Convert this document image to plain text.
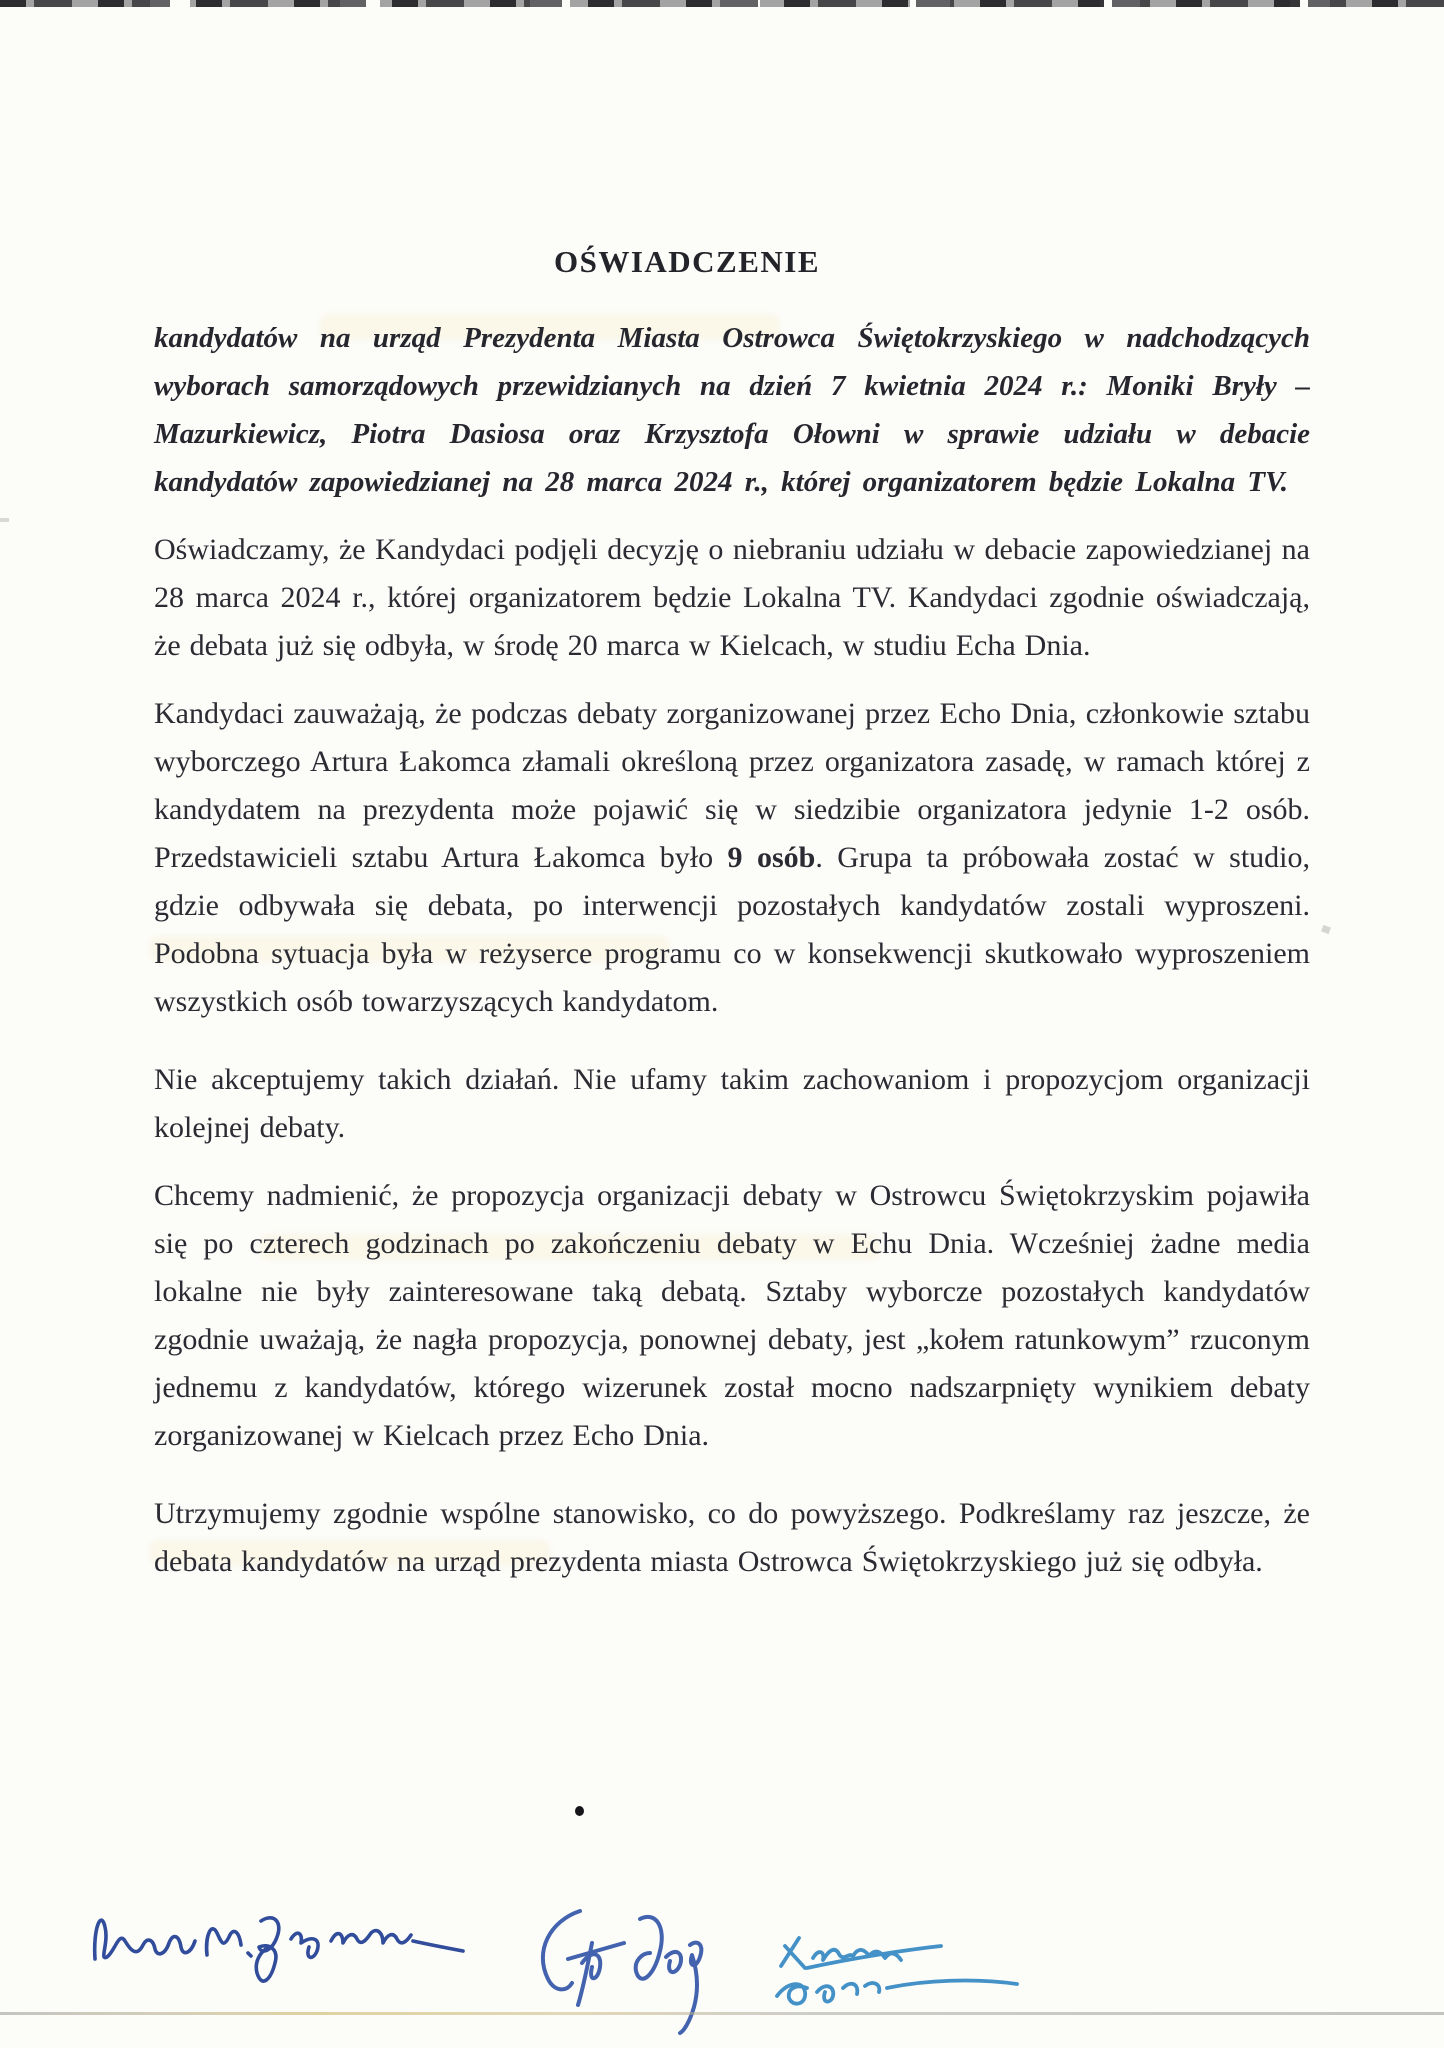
OŚWIADCZENIE

kandydatów na urząd Prezydenta Miasta Ostrowca Świętokrzyskiego w nadchodzących wyborach samorządowych przewidzianych na dzień 7 kwietnia 2024 r.: Moniki Bryły – Mazurkiewicz, Piotra Dasiosa oraz Krzysztofa Ołowni w sprawie udziału w debacie kandydatów zapowiedzianej na 28 marca 2024 r., której organizatorem będzie Lokalna TV.

Oświadczamy, że Kandydaci podjęli decyzję o niebraniu udziału w debacie zapowiedzianej na 28 marca 2024 r., której organizatorem będzie Lokalna TV. Kandydaci zgodnie oświadczają, że debata już się odbyła, w środę 20 marca w Kielcach, w studiu Echa Dnia.

Kandydaci zauważają, że podczas debaty zorganizowanej przez Echo Dnia, członkowie sztabu wyborczego Artura Łakomca złamali określoną przez organizatora zasadę, w ramach której z kandydatem na prezydenta może pojawić się w siedzibie organizatora jedynie 1-2 osób. Przedstawicieli sztabu Artura Łakomca było 9 osób. Grupa ta próbowała zostać w studio, gdzie odbywała się debata, po interwencji pozostałych kandydatów zostali wyproszeni. Podobna sytuacja była w reżyserce programu co w konsekwencji skutkowało wyproszeniem wszystkich osób towarzyszących kandydatom.

Nie akceptujemy takich działań. Nie ufamy takim zachowaniom i propozycjom organizacji kolejnej debaty.

Chcemy nadmienić, że propozycja organizacji debaty w Ostrowcu Świętokrzyskim pojawiła się po czterech godzinach po zakończeniu debaty w Echu Dnia. Wcześniej żadne media lokalne nie były zainteresowane taką debatą. Sztaby wyborcze pozostałych kandydatów zgodnie uważają, że nagła propozycja, ponownej debaty, jest „kołem ratunkowym” rzuconym jednemu z kandydatów, którego wizerunek został mocno nadszarpnięty wynikiem debaty zorganizowanej w Kielcach przez Echo Dnia.

Utrzymujemy zgodnie wspólne stanowisko, co do powyższego. Podkreślamy raz jeszcze, że debata kandydatów na urząd prezydenta miasta Ostrowca Świętokrzyskiego już się odbyła.
